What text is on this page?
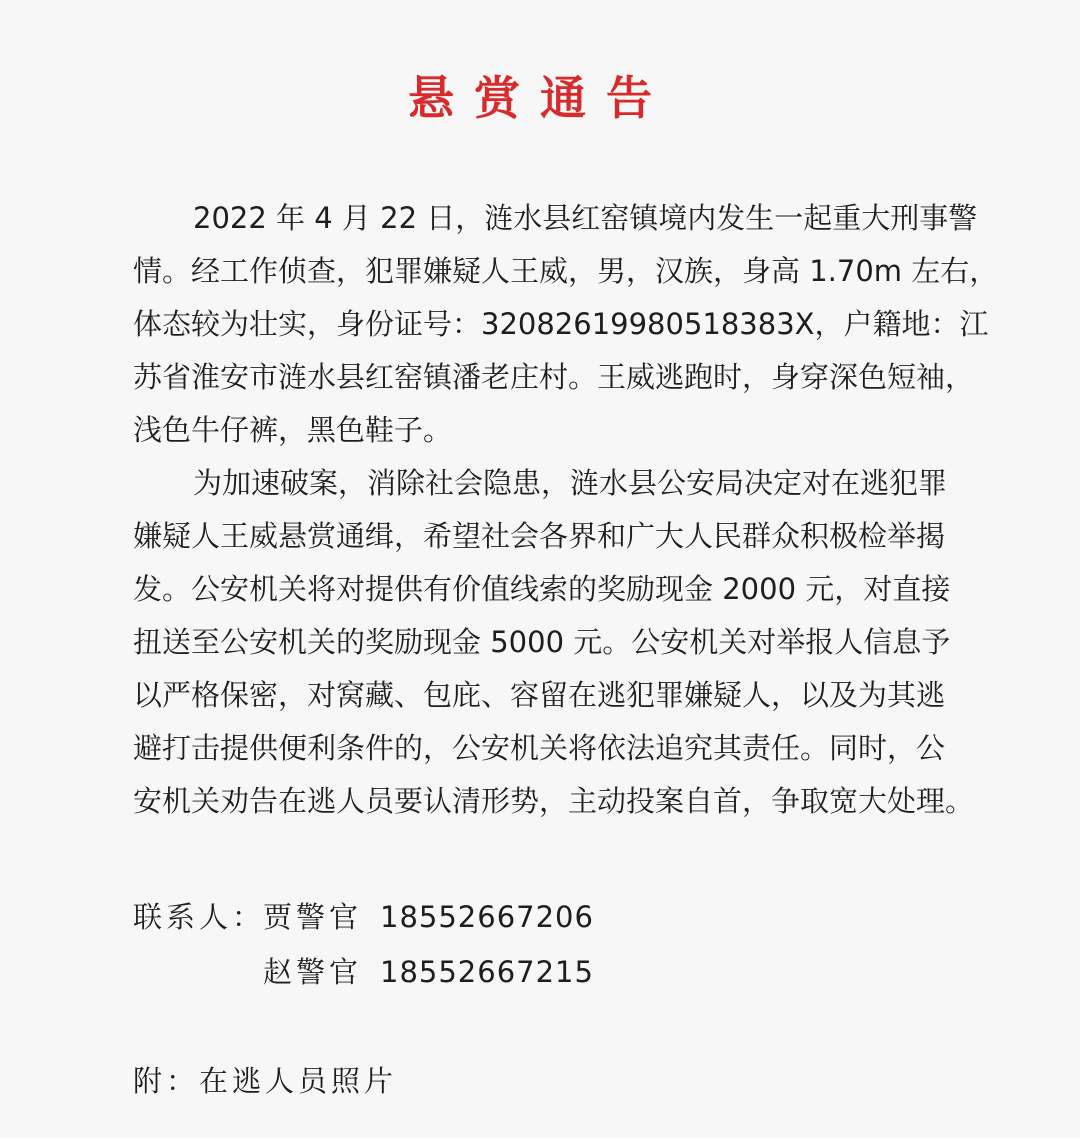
悬赏通告
2022 年 4 月 22 日，涟水县红窑镇境内发生一起重大刑事警
情。经工作侦查，犯罪嫌疑人王威，男，汉族，身高 1.70m 左右，
体态较为壮实，身份证号：32082619980518383X，户籍地：江
苏省淮安市涟水县红窑镇潘老庄村。王威逃跑时，身穿深色短袖，
浅色牛仔裤，黑色鞋子。
为加速破案，消除社会隐患，涟水县公安局决定对在逃犯罪
嫌疑人王威悬赏通缉，希望社会各界和广大人民群众积极检举揭
发。公安机关将对提供有价值线索的奖励现金 2000 元，对直接
扭送至公安机关的奖励现金 5000 元。公安机关对举报人信息予
以严格保密，对窝藏、包庇、容留在逃犯罪嫌疑人，以及为其逃
避打击提供便利条件的，公安机关将依法追究其责任。同时，公
安机关劝告在逃人员要认清形势，主动投案自首，争取宽大处理。
联系人：
贾警官 18552667206
赵警官 18552667215
附：在逃人员照片
